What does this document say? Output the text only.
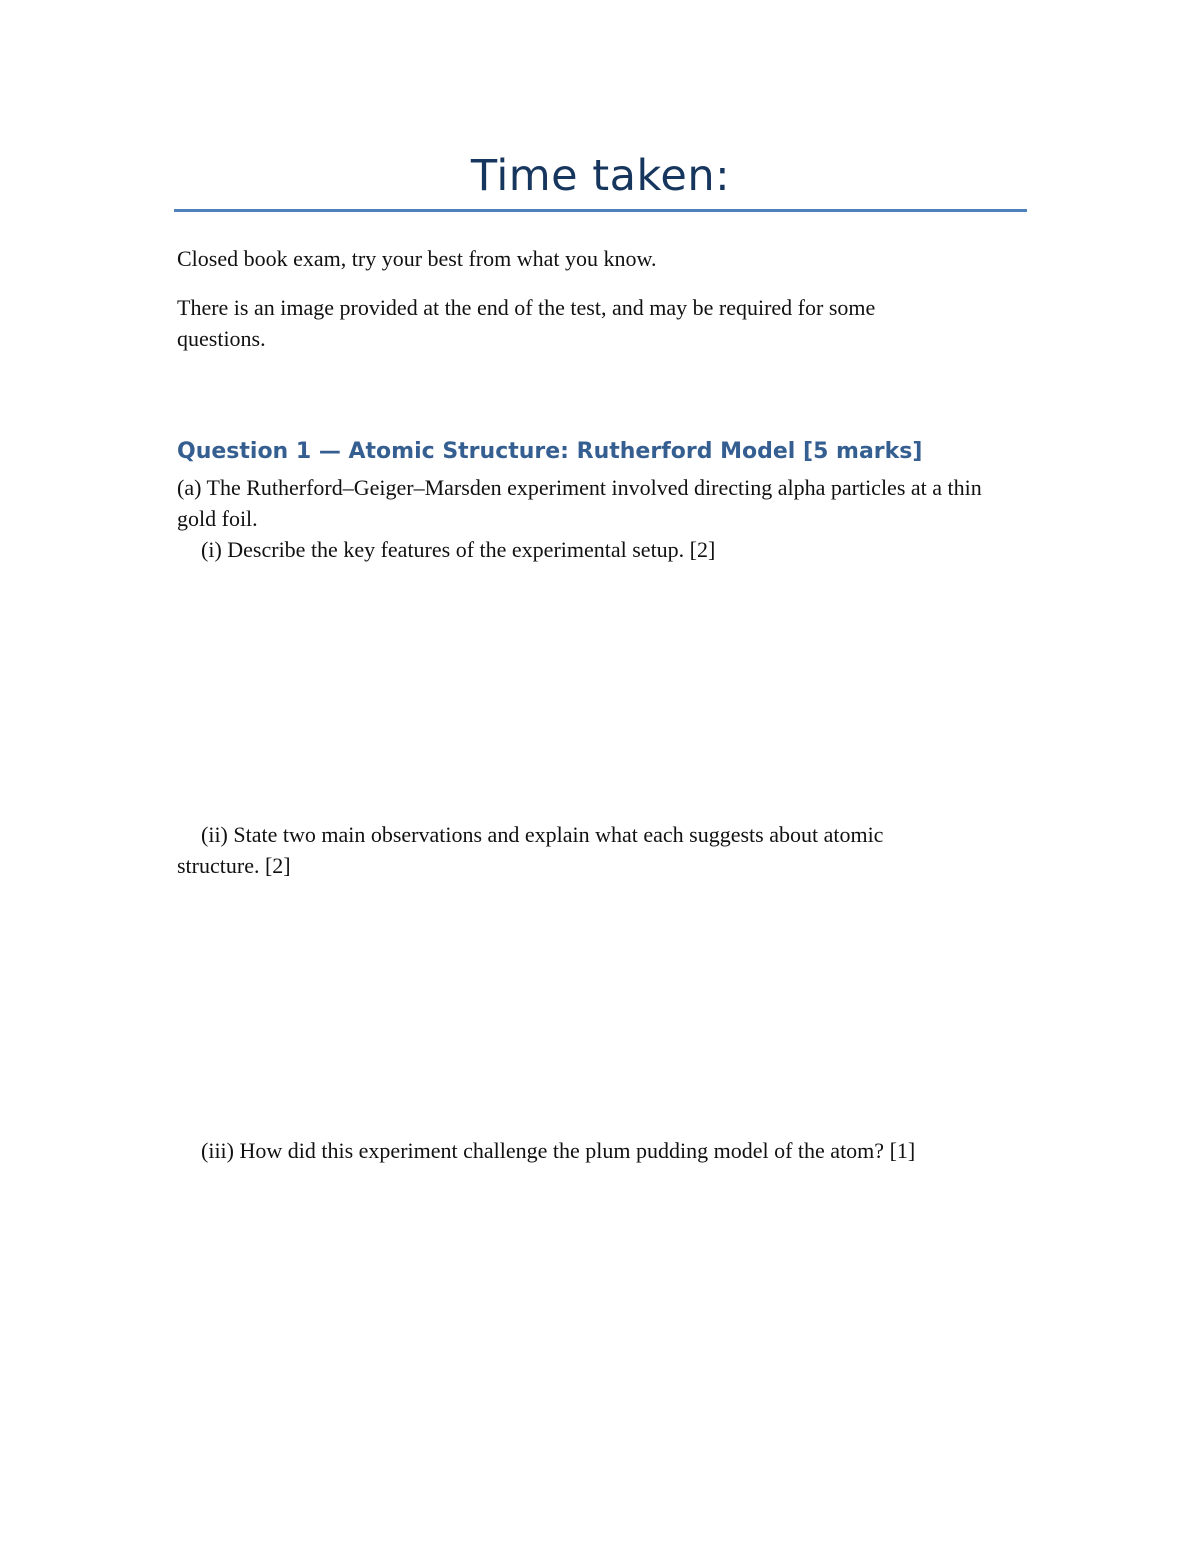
Time taken:
Closed book exam, try your best from what you know.
There is an image provided at the end of the test, and may be required for some questions.
Question 1 — Atomic Structure: Rutherford Model [5 marks]
(a) The Rutherford–Geiger–Marsden experiment involved directing alpha particles at a thin gold foil.
(i) Describe the key features of the experimental setup. [2]
(ii) State two main observations and explain what each suggests about atomic structure. [2]
(iii) How did this experiment challenge the plum pudding model of the atom? [1]
